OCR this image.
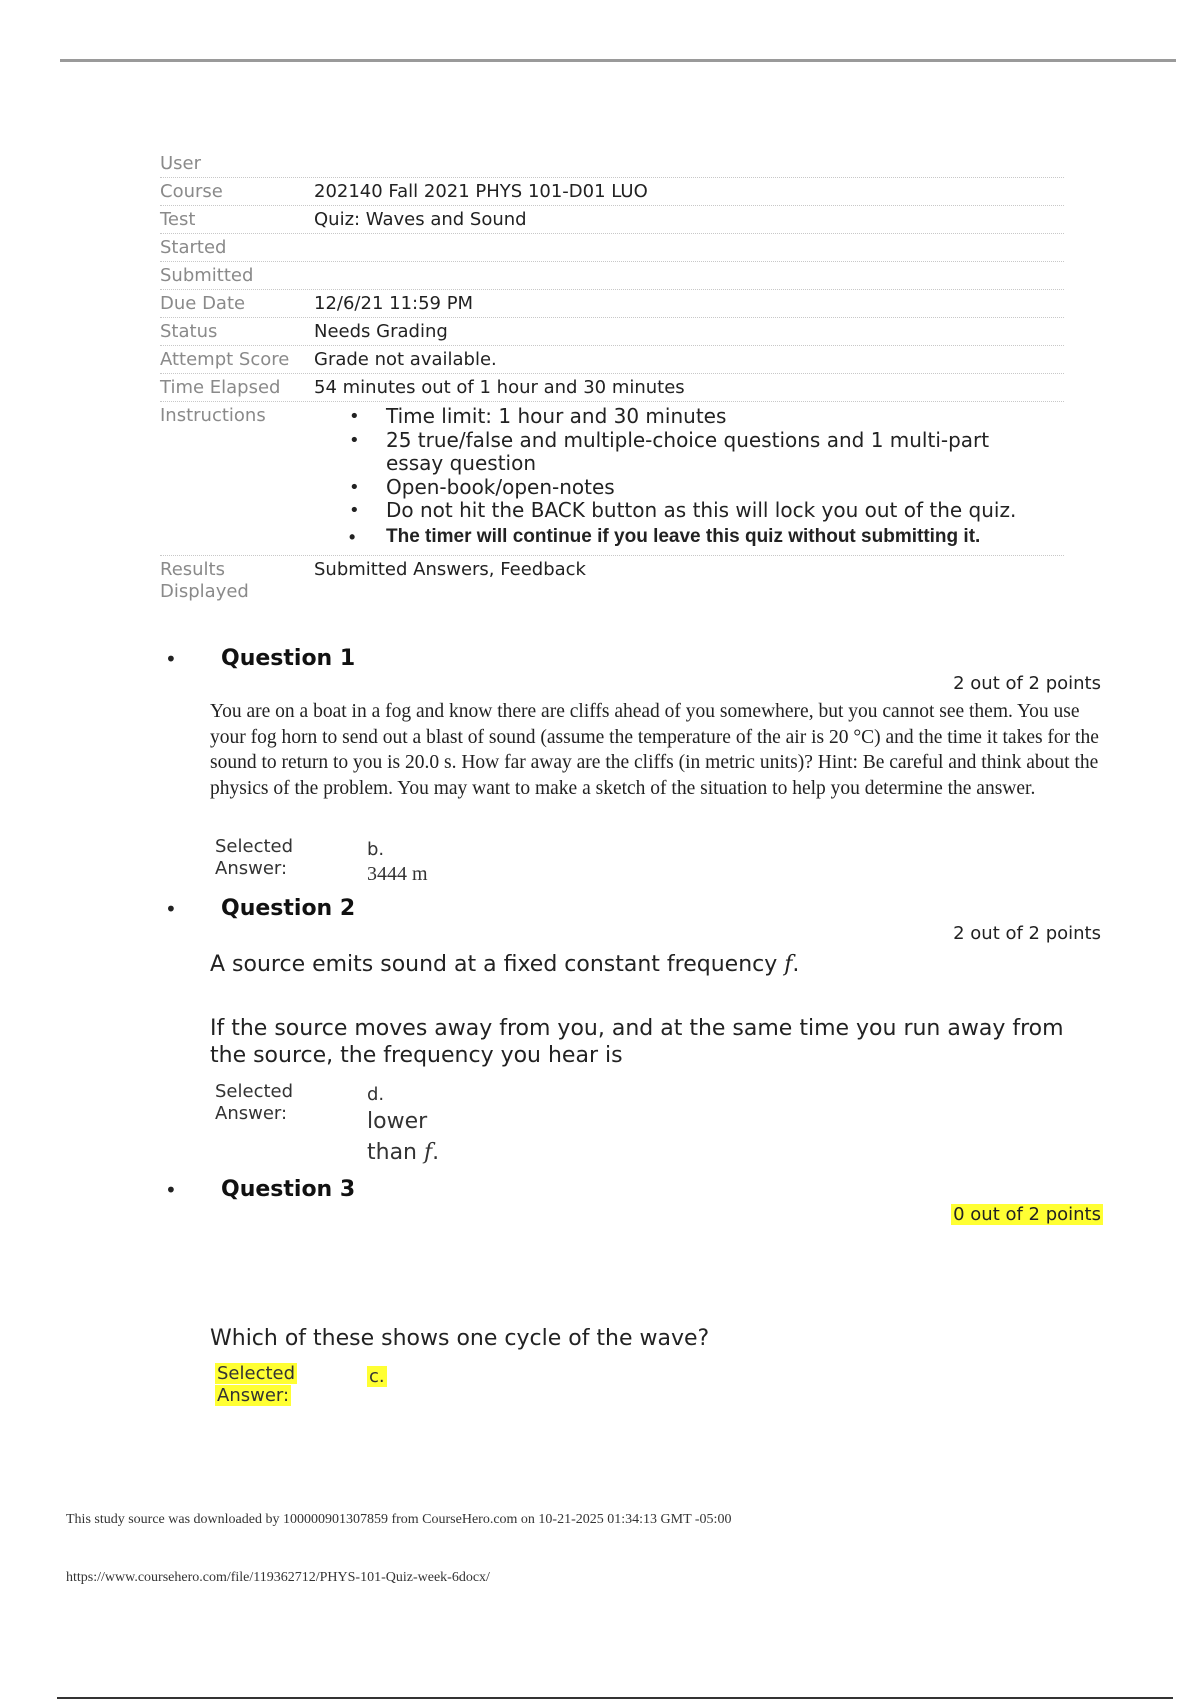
User
Course	202140 Fall 2021 PHYS 101-D01 LUO
Test	Quiz: Waves and Sound
Started
Submitted
Due Date	12/6/21 11:59 PM
Status	Needs Grading
Attempt Score	Grade not available.
Time Elapsed	54 minutes out of 1 hour and 30 minutes
Instructions
•	Time limit: 1 hour and 30 minutes
• 25 true/false and multiple-choice questions and 1 multi-part essay question
• Open-book/open-notes
• Do not hit the BACK button as this will lock you out of the quiz.
• The timer will continue if you leave this quiz without submitting it.
Results Displayed
Submitted Answers, Feedback
•	Question 1
2 out of 2 points
You are on a boat in a fog and know there are cliffs ahead of you somewhere, but you cannot see them. You use your fog horn to send out a blast of sound (assume the temperature of the air is 20 °C) and the time it takes for the sound to return to you is 20.0 s. How far away are the cliffs (in metric units)? Hint: Be careful and think about the physics of the problem. You may want to make a sketch of the situation to help you determine the answer.
Selected
Answer:
b.
3444 m
•	Question 2
2 out of 2 points
A source emits sound at a fixed constant frequency f.
If the source moves away from you, and at the same time you run away from the source, the frequency you hear is
Selected
Answer:
d.
lower
than f.
•	Question 3
0 out of 2 points
Which of these shows one cycle of the wave?
Selected
Answer:
c.
This study source was downloaded by 100000901307859 from CourseHero.com on 10-21-2025 01:34:13 GMT -05:00
https://www.coursehero.com/file/119362712/PHYS-101-Quiz-week-6docx/
